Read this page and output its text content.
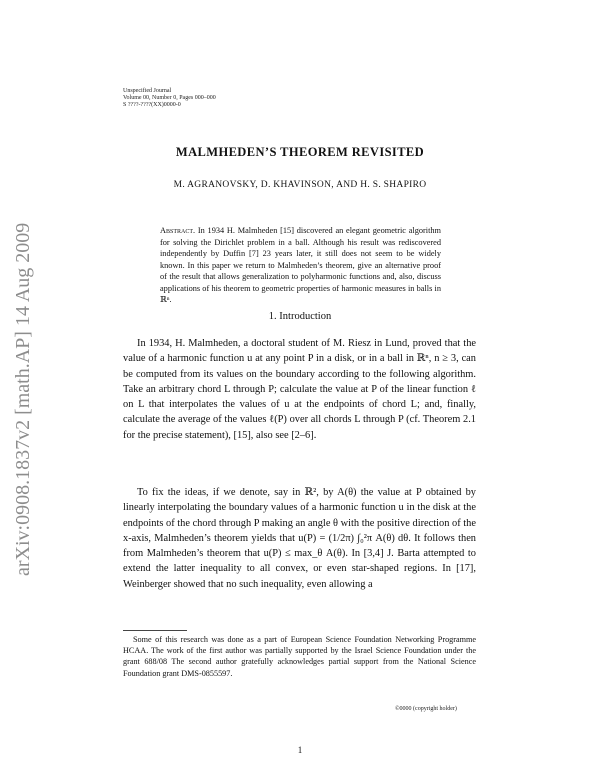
arXiv:0908.1837v2 [math.AP] 14 Aug 2009
Unspecified Journal
Volume 00, Number 0, Pages 000–000
S ????-????(XX)0000-0
MALMHEDEN’S THEOREM REVISITED
M. AGRANOVSKY, D. KHAVINSON, AND H. S. SHAPIRO
Abstract. In 1934 H. Malmheden [15] discovered an elegant geometric algorithm for solving the Dirichlet problem in a ball. Although his result was rediscovered independently by Duffin [7] 23 years later, it still does not seem to be widely known. In this paper we return to Malmheden’s theorem, give an alternative proof of the result that allows generalization to polyharmonic functions and, also, discuss applications of his theorem to geometric properties of harmonic measures in balls in ℝⁿ.
1. Introduction

In 1934, H. Malmheden, a doctoral student of M. Riesz in Lund, proved that the value of a harmonic function u at any point P in a disk, or in a ball in ℝⁿ, n ≥ 3, can be computed from its values on the boundary according to the following algorithm. Take an arbitrary chord L through P; calculate the value at P of the linear function ℓ on L that interpolates the values of u at the endpoints of chord L; and, finally, calculate the average of the values ℓ(P) over all chords L through P (cf. Theorem 2.1 for the precise statement), [15], also see [2–6].

To fix the ideas, if we denote, say in ℝ², by A(θ) the value at P obtained by linearly interpolating the boundary values of a harmonic function u in the disk at the endpoints of the chord through P making an angle θ with the positive direction of the x-axis, Malmheden’s theorem yields that u(P) = (1/2π) ∫₀²π A(θ) dθ. It follows then from Malmheden’s theorem that u(P) ≤ max_θ A(θ). In [3,4] J. Barta attempted to extend the latter inequality to all convex, or even star-shaped regions. In [17], Weinberger showed that no such inequality, even allowing a

Some of this research was done as a part of European Science Foundation Networking Programme HCAA. The work of the first author was partially supported by the Israel Science Foundation under the grant 688/08 The second author gratefully acknowledges partial support from the National Science Foundation grant DMS-0855597.

©0000 (copyright holder)
1
